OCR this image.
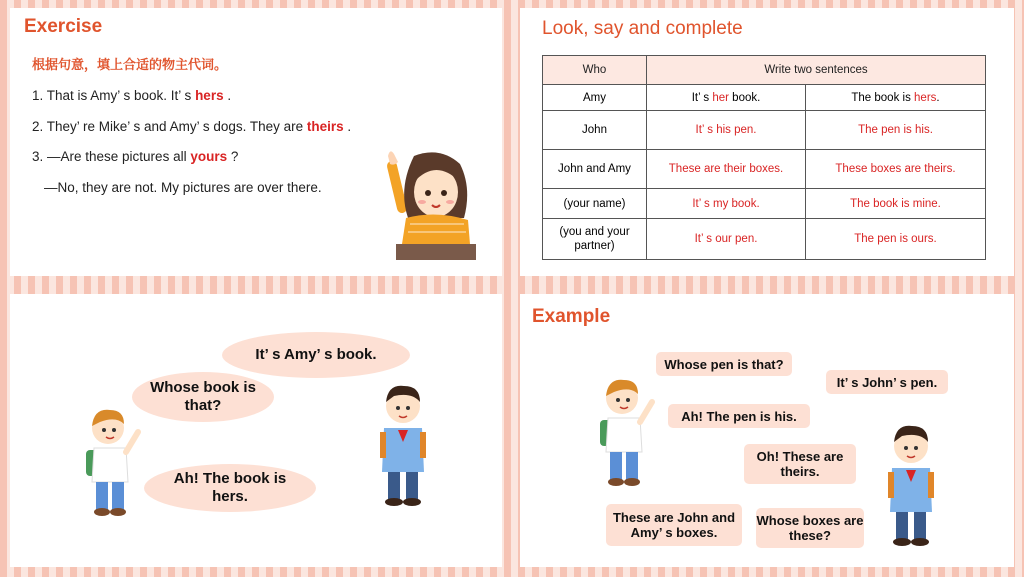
Exercise
根据句意，填上合适的物主代词。
1. That is Amy’ s book. It’ s hers .
2. They’ re Mike’ s and Amy’ s dogs. They are theirs .
3. —Are these pictures all yours ?
—No, they are not. My pictures are over there.
Look, say and complete
Who	Write two sentences	
Amy	It’ s her book.	The book is hers.
John	It’ s his pen.	The pen is his.
John and Amy	These are their boxes.	These boxes are theirs.
(your name)	It’ s my book.	The book is mine.
(you and your partner)	It’ s our pen.	The pen is ours.
It’ s Amy’ s book.
Whose book is that?
Ah! The book is hers.
Example
Whose pen is that?
It’ s John’ s pen.
Ah! The pen is his.
Oh! These are theirs.
These are John and Amy’ s boxes.
Whose boxes are these?
